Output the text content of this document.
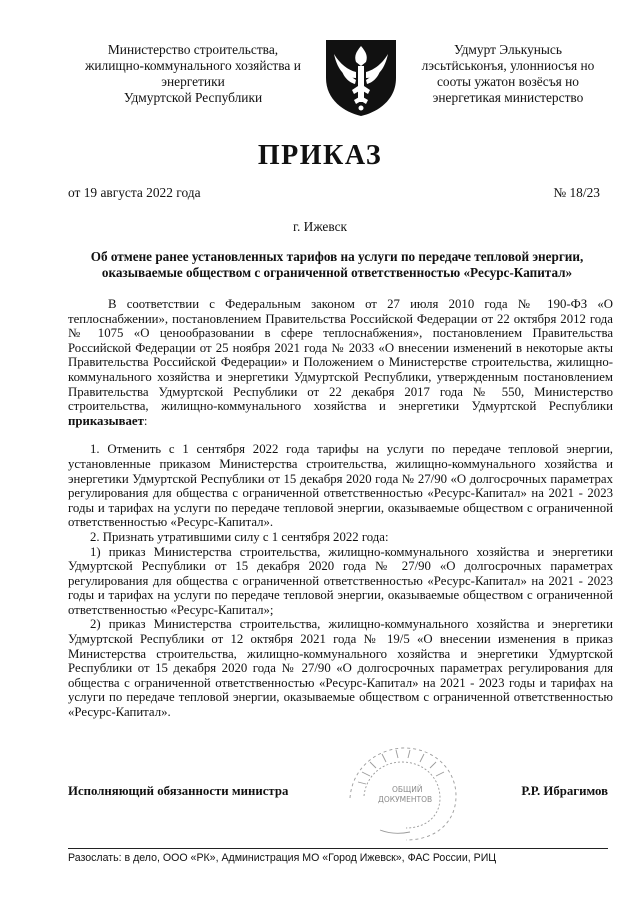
Министерство строительства,
жилищно-коммунального хозяйства и
энергетики
Удмуртской Республики
Удмурт Элькунысь
лэсьтӥськонъя, улонниосъя но
сооты ужатон возёсъя но
энергетикая министерство
ПРИКАЗ
от 19 августа 2022 года	№ 18/23
г. Ижевск
Об отмене ранее установленных тарифов на услуги по передаче тепловой энергии,
оказываемые обществом с ограниченной ответственностью «Ресурс-Капитал»

В соответствии с Федеральным законом от 27 июля 2010 года № 190-ФЗ «О теплоснабжении», постановлением Правительства Российской Федерации от 22 октября 2012 года № 1075 «О ценообразовании в сфере теплоснабжения», постановлением Правительства Российской Федерации от 25 ноября 2021 года № 2033 «О внесении изменений в некоторые акты Правительства Российской Федерации» и Положением о Министерстве строительства, жилищно-коммунального хозяйства и энергетики Удмуртской Республики, утвержденным постановлением Правительства Удмуртской Республики от 22 декабря 2017 года № 550, Министерство строительства, жилищно-коммунального хозяйства и энергетики Удмуртской Республики приказывает:

1. Отменить с 1 сентября 2022 года тарифы на услуги по передаче тепловой энергии, установленные приказом Министерства строительства, жилищно-коммунального хозяйства и энергетики Удмуртской Республики от 15 декабря 2020 года № 27/90 «О долгосрочных параметрах регулирования для общества с ограниченной ответственностью «Ресурс-Капитал» на 2021 - 2023 годы и тарифах на услуги по передаче тепловой энергии, оказываемые обществом с ограниченной ответственностью «Ресурс-Капитал».

2. Признать утратившими силу с 1 сентября 2022 года:

1) приказ Министерства строительства, жилищно-коммунального хозяйства и энергетики Удмуртской Республики от 15 декабря 2020 года № 27/90 «О долгосрочных параметрах регулирования для общества с ограниченной ответственностью «Ресурс-Капитал» на 2021 - 2023 годы и тарифах на услуги по передаче тепловой энергии, оказываемые обществом с ограниченной ответственностью «Ресурс-Капитал»;

2) приказ Министерства строительства, жилищно-коммунального хозяйства и энергетики Удмуртской Республики от 12 октября 2021 года № 19/5 «О внесении изменения в приказ Министерства строительства, жилищно-коммунального хозяйства и энергетики Удмуртской Республики от 15 декабря 2020 года № 27/90 «О долгосрочных параметрах регулирования для общества с ограниченной ответственностью «Ресурс-Капитал» на 2021 - 2023 годы и тарифах на услуги по передаче тепловой энергии, оказываемые обществом с ограниченной ответственностью «Ресурс-Капитал».

ОБЩИЙ
ДОКУМЕНТОВ
Исполняющий обязанности министра	Р.Р. Ибрагимов
Разослать: в дело, ООО «РК», Администрация МО «Город Ижевск», ФАС России, РИЦ
